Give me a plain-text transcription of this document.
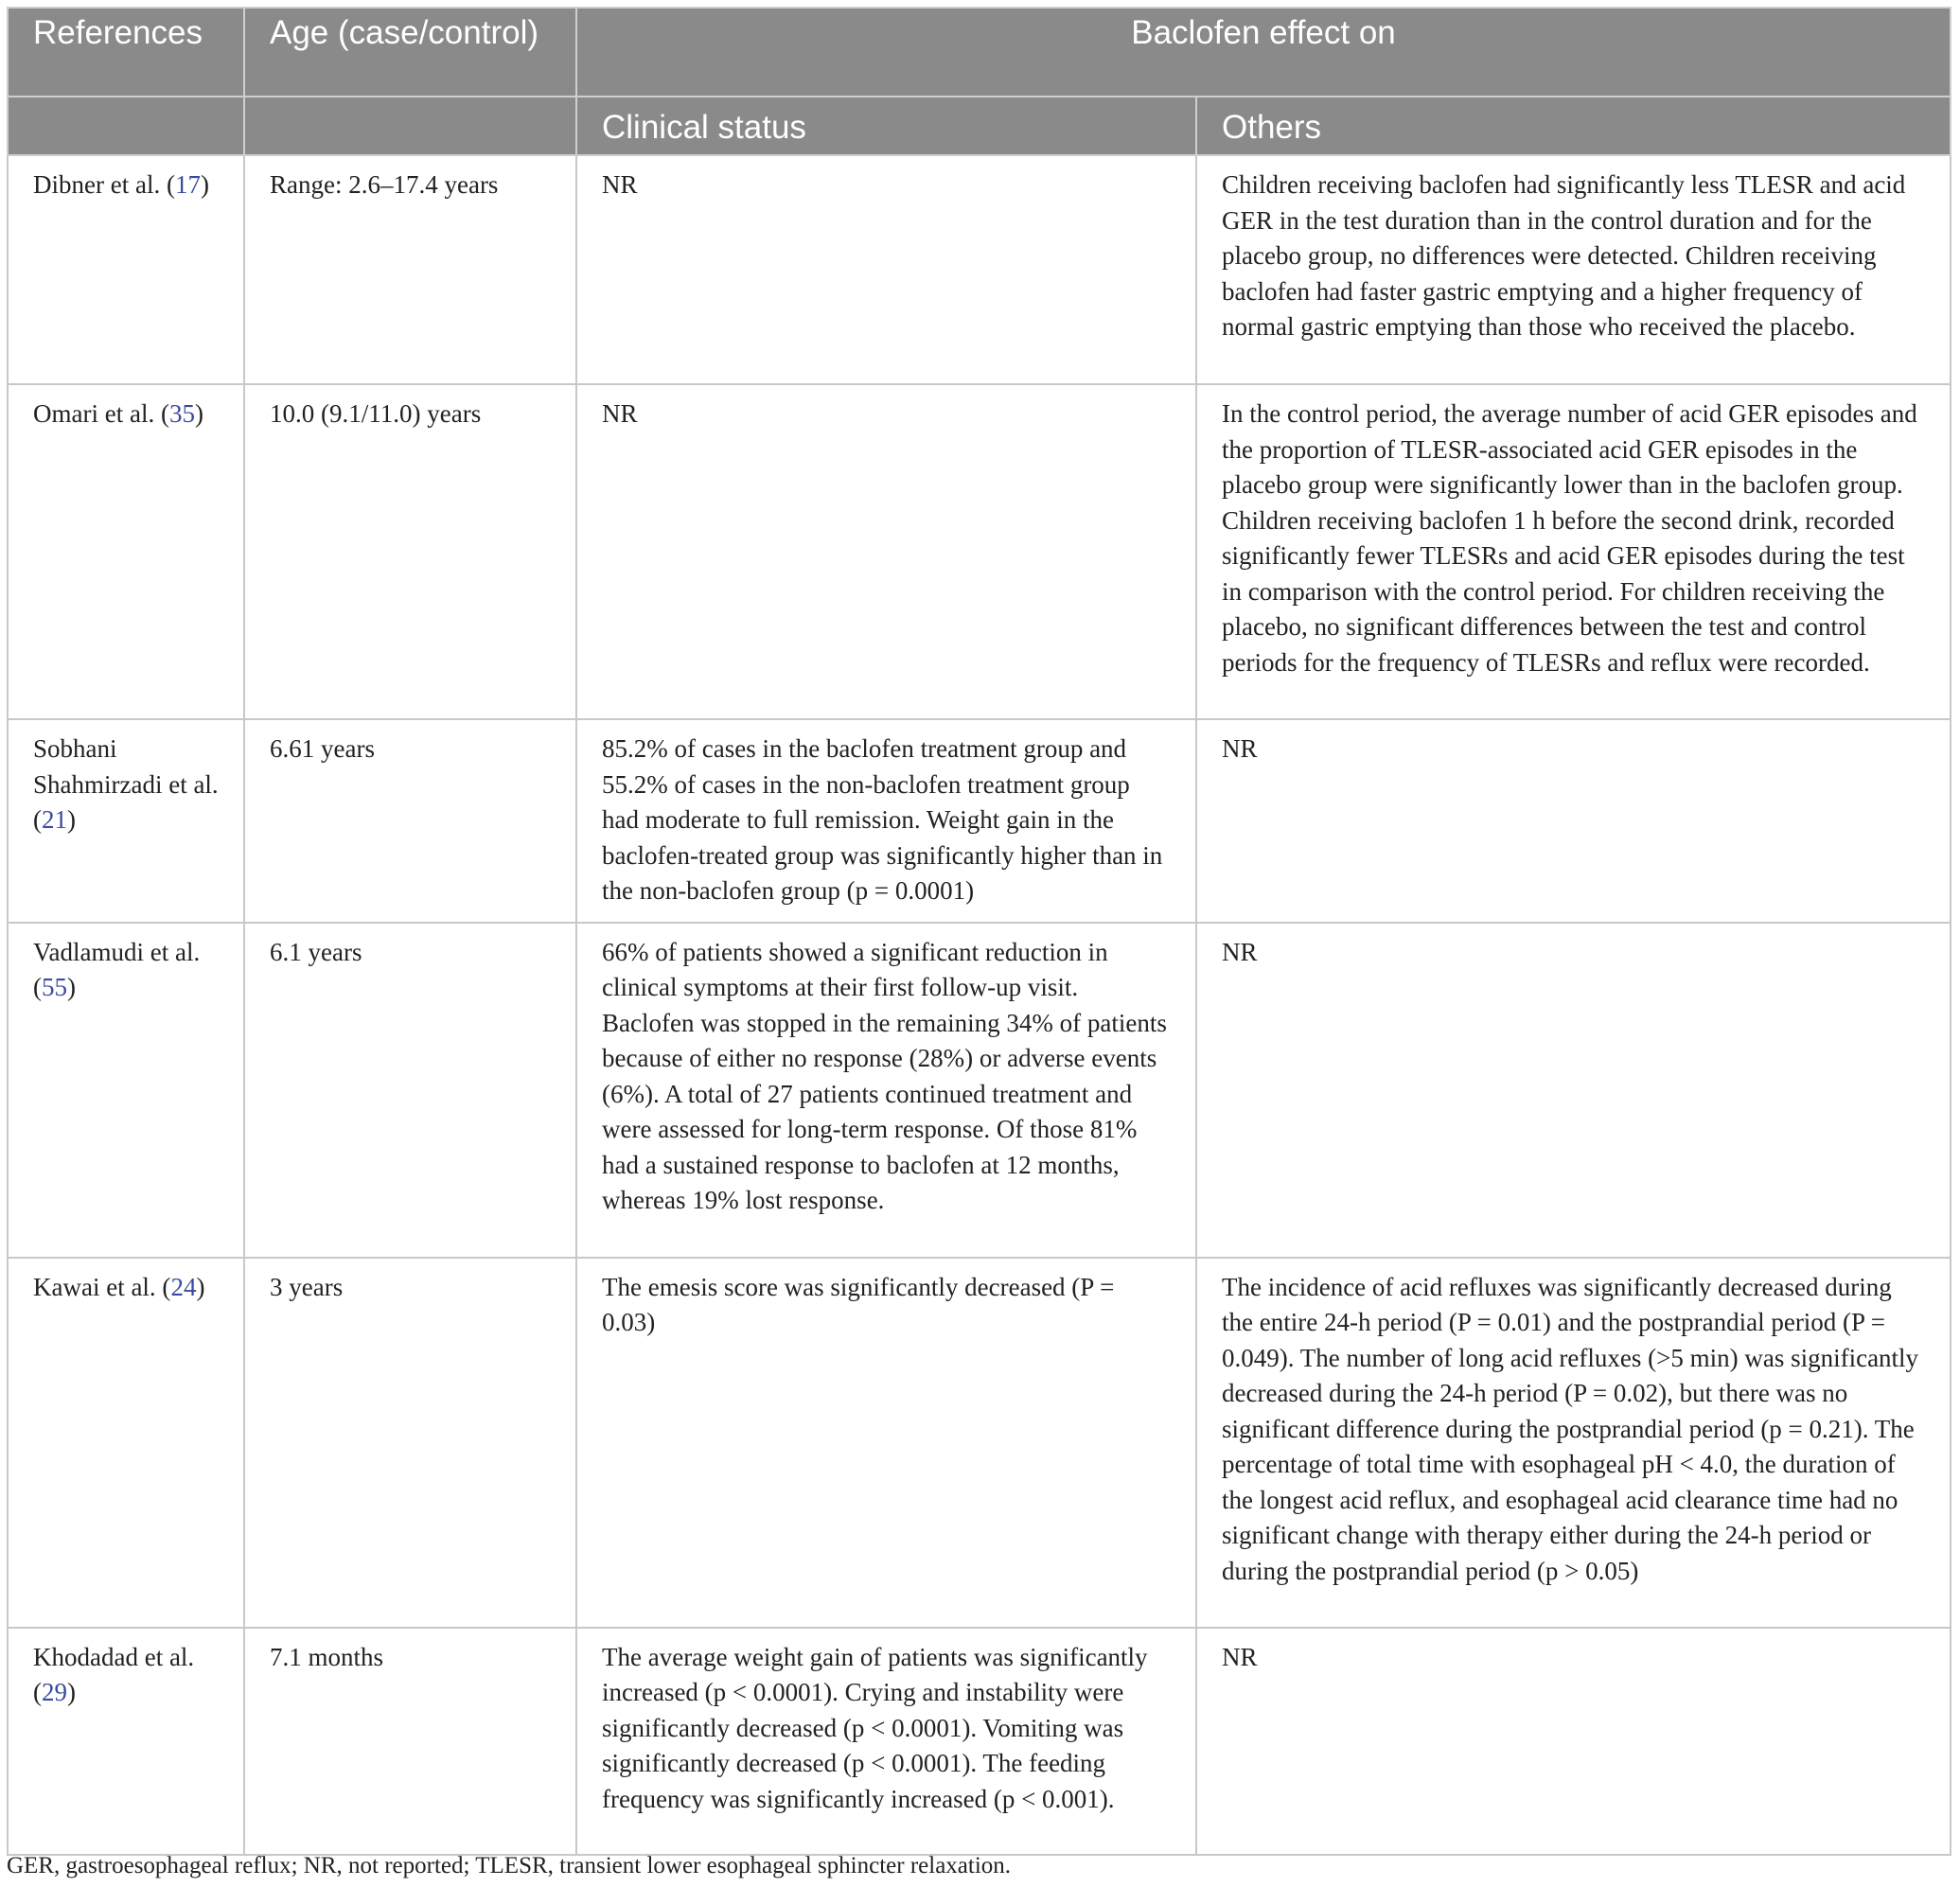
References	Age (case/control)	Baclofen effect on	
		Clinical status	Others
Dibner et al. (17)	Range: 2.6–17.4 years	NR	Children receiving baclofen had significantly less TLESR and acid GER in the test duration than in the control duration and for the placebo group, no differences were detected. Children receiving baclofen had faster gastric emptying and a higher frequency of normal gastric emptying than those who received the placebo.
Omari et al. (35)	10.0 (9.1/11.0) years	NR	In the control period, the average number of acid GER episodes and the proportion of TLESR-associated acid GER episodes in the placebo group were significantly lower than in the baclofen group. Children receiving baclofen 1 h before the second drink, recorded significantly fewer TLESRs and acid GER episodes during the test in comparison with the control period. For children receiving the placebo, no significant differences between the test and control periods for the frequency of TLESRs and reflux were recorded.
Sobhani Shahmirzadi et al. (21)	6.61 years	85.2% of cases in the baclofen treatment group and 55.2% of cases in the non-baclofen treatment group had moderate to full remission. Weight gain in the baclofen-treated group was significantly higher than in the non-baclofen group (p = 0.0001)	NR
Vadlamudi et al. (55)	6.1 years	66% of patients showed a significant reduction in clinical symptoms at their first follow-up visit. Baclofen was stopped in the remaining 34% of patients because of either no response (28%) or adverse events (6%). A total of 27 patients continued treatment and were assessed for long-term response. Of those 81% had a sustained response to baclofen at 12 months, whereas 19% lost response.	NR
Kawai et al. (24)	3 years	The emesis score was significantly decreased (P = 0.03)	The incidence of acid refluxes was significantly decreased during the entire 24-h period (P = 0.01) and the postprandial period (P = 0.049). The number of long acid refluxes (>5 min) was significantly decreased during the 24-h period (P = 0.02), but there was no significant difference during the postprandial period (p = 0.21). The percentage of total time with esophageal pH < 4.0, the duration of the longest acid reflux, and esophageal acid clearance time had no significant change with therapy either during the 24-h period or during the postprandial period (p > 0.05)
Khodadad et al. (29)	7.1 months	The average weight gain of patients was significantly increased (p < 0.0001). Crying and instability were significantly decreased (p < 0.0001). Vomiting was significantly decreased (p < 0.0001). The feeding frequency was significantly increased (p < 0.001).	NR
GER, gastroesophageal reflux; NR, not reported; TLESR, transient lower esophageal sphincter relaxation.
